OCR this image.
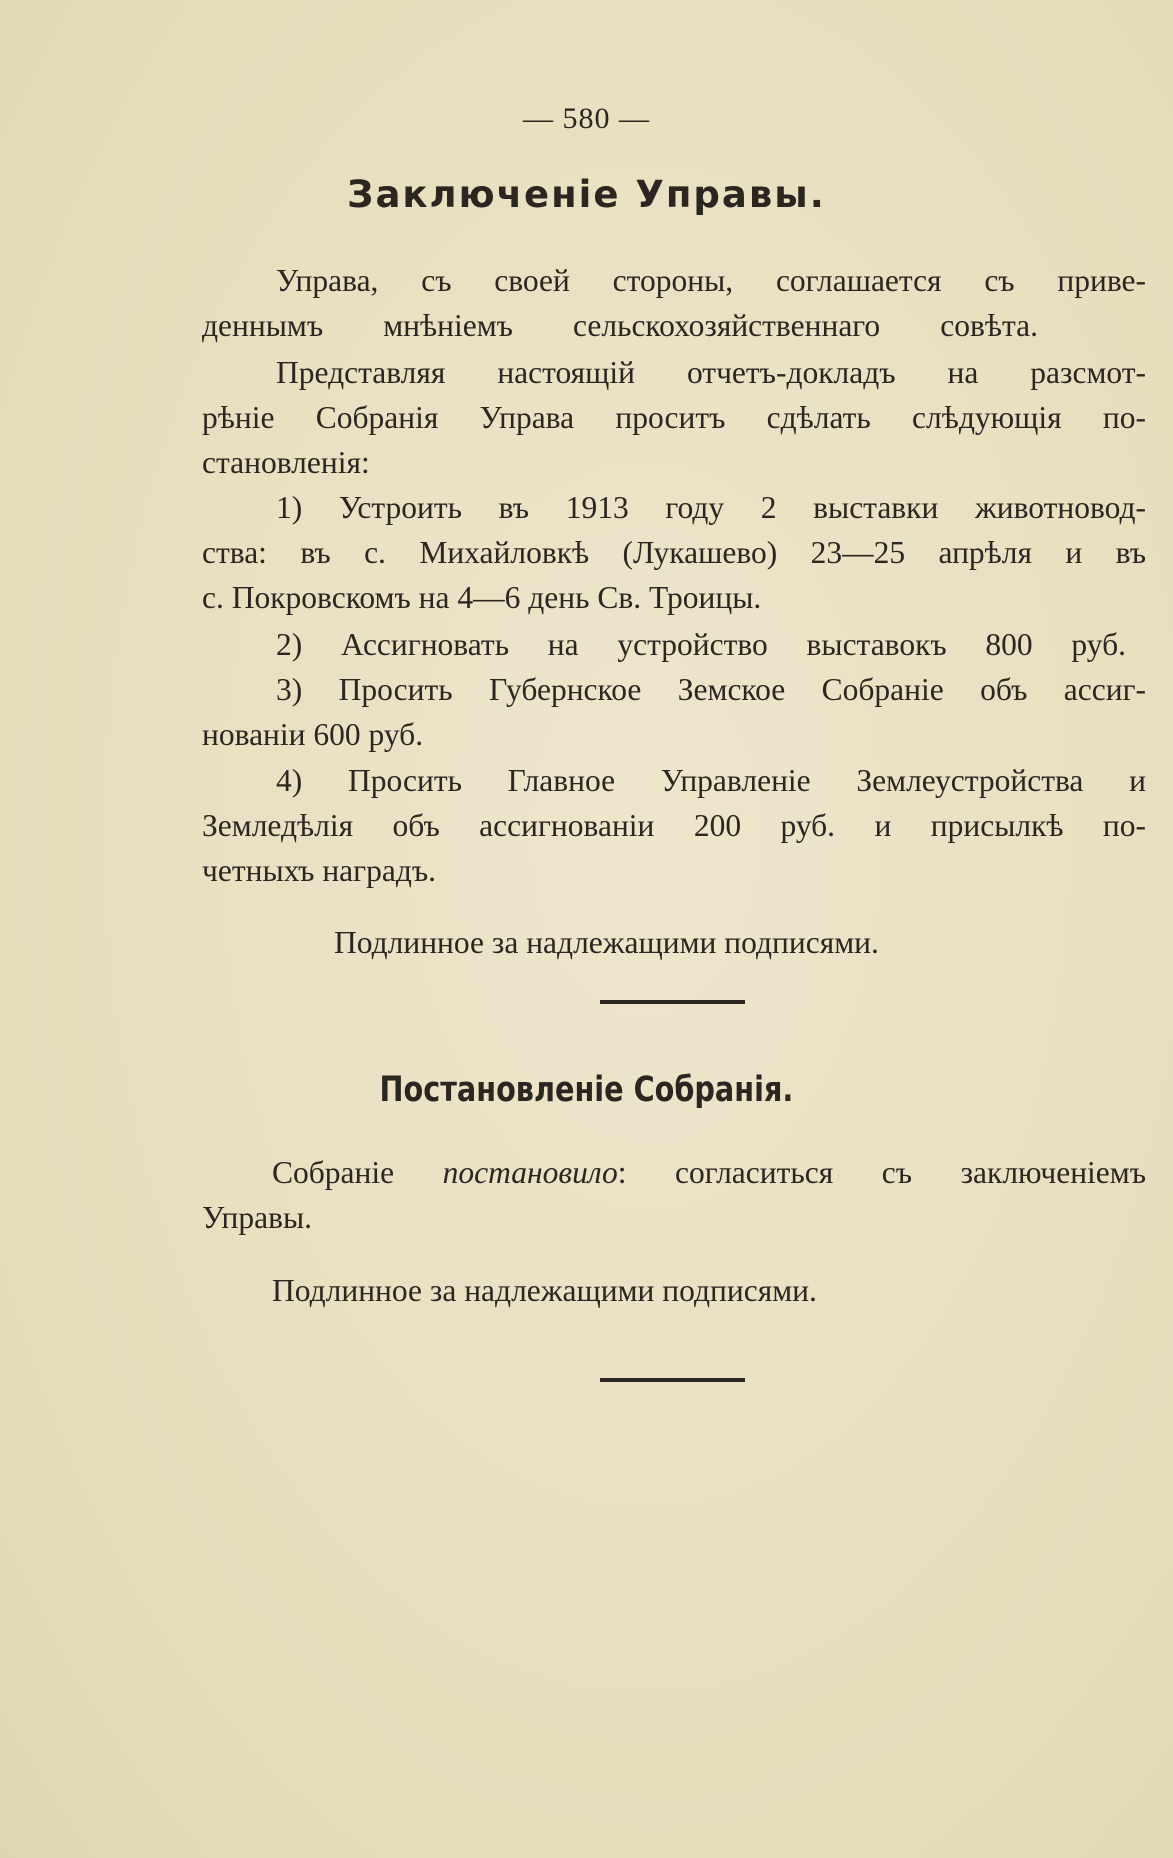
— 580 —
Заключеніе Управы.
Управа, съ своей стороны, соглашается съ приве-
деннымъ мнѣніемъ сельскохозяйственнаго совѣта.
Представляя настоящій отчетъ-докладъ на разсмот-
рѣніе Собранія Управа проситъ сдѣлать слѣдующія по-
становленія:
1) Устроить въ 1913 году 2 выставки животновод-
ства: въ с. Михайловкѣ (Лукашево) 23—25 апрѣля и въ
с. Покровскомъ на 4—6 день Св. Троицы.
2) Ассигновать на устройство выставокъ 800 руб.
3) Просить Губернское Земское Собраніе объ ассиг-
нованіи 600 руб.
4) Просить Главное Управленіе Землеустройства и
Земледѣлія объ ассигнованіи 200 руб. и присылкѣ по-
четныхъ наградъ.
Подлинное за надлежащими подписями.
Постановленіе Собранія.
Собраніе постановило: согласиться съ заключеніемъ
Управы.
Подлинное за надлежащими подписями.
